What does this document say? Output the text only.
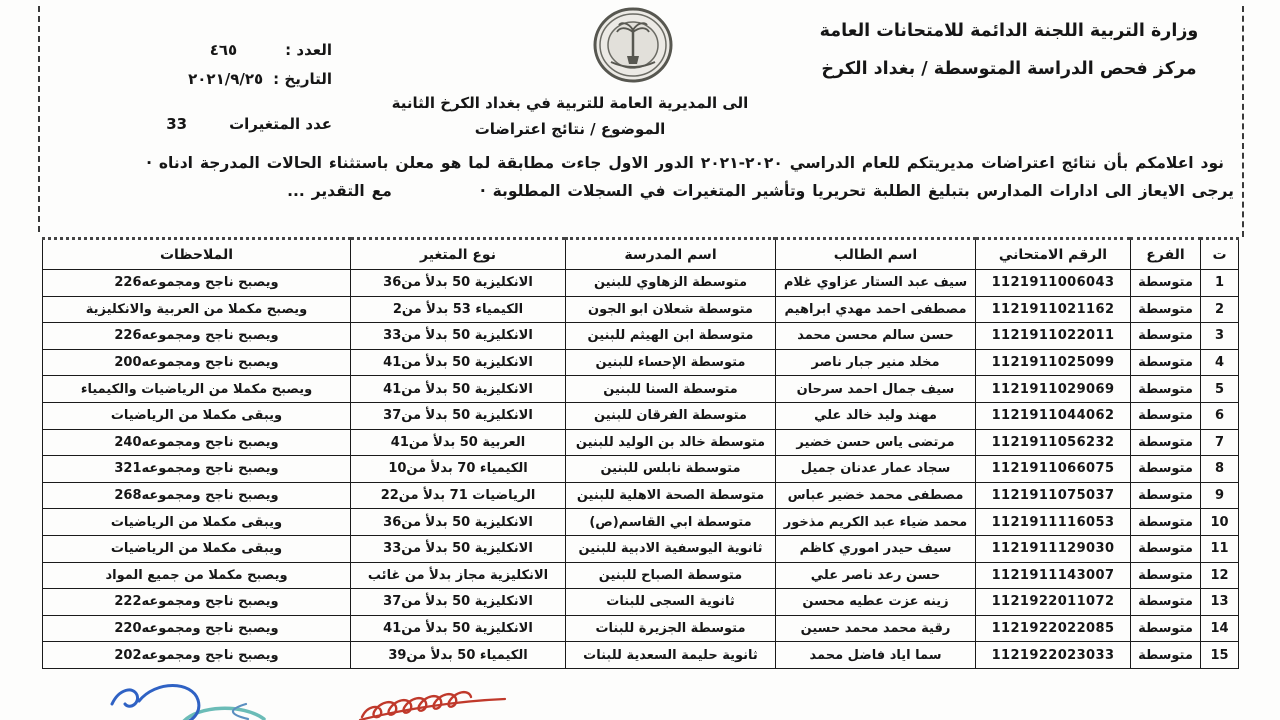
وزارة التربية اللجنة الدائمة للامتحانات العامة
مركز فحص الدراسة المتوسطة / بغداد الكرخ
العدد :
٤٦٥
التاريخ :
٢٠٢١/٩/٢٥
عدد المتغيرات
33
الى المديرية العامة للتربية في بغداد الكرخ الثانية
الموضوع / نتائج اعتراضات
نود اعلامكم بأن نتائج اعتراضات مديريتكم للعام الدراسي ٢٠٢٠-٢٠٢١ الدور الاول جاءت مطابقة لما هو معلن باستثناء الحالات المدرجة ادناه ·
يرجى الايعاز الى ادارات المدارس بتبليغ الطلبة تحريريا وتأشير المتغيرات في السجلات المطلوبة ·مع التقدير ...
ت	الفرع	الرقم الامتحاني	اسم الطالب	اسم المدرسة	نوع المتغير	الملاحظات
1	متوسطة	1121911006043	سيف عبد الستار عزاوي غلام	متوسطة الزهاوي للبنين	الانكليزية 50 بدلأ من36	ويصبح ناجح ومجموعه226
2	متوسطة	1121911021162	مصطفى احمد مهدي ابراهيم	متوسطة شعلان ابو الجون	الكيمياء 53 بدلأ من2	ويصبح مكملا من العربية والانكليزية
3	متوسطة	1121911022011	حسن سالم محسن محمد	متوسطة ابن الهيثم للبنين	الانكليزية 50 بدلأ من33	ويصبح ناجح ومجموعه226
4	متوسطة	1121911025099	مخلد منير جبار ناصر	متوسطة الإحساء للبنين	الانكليزية 50 بدلأ من41	ويصبح ناجح ومجموعه200
5	متوسطة	1121911029069	سيف جمال احمد سرحان	متوسطة السنا للبنين	الانكليزية 50 بدلأ من41	ويصبح مكملا من الرياضيات والكيمياء
6	متوسطة	1121911044062	مهند وليد خالد علي	متوسطة الفرقان للبنين	الانكليزية 50 بدلأ من37	ويبقى مكملا من الرياضيات
7	متوسطة	1121911056232	مرتضى ياس حسن خضير	متوسطة خالد بن الوليد للبنين	العربية 50 بدلأ من41	ويصبح ناجح ومجموعه240
8	متوسطة	1121911066075	سجاد عمار عدنان جميل	متوسطة نابلس للبنين	الكيمياء 70 بدلأ من10	ويصبح ناجح ومجموعه321
9	متوسطة	1121911075037	مصطفى محمد خضير عباس	متوسطة الصحة الاهلية للبنين	الرياضيات 71 بدلأ من22	ويصبح ناجح ومجموعه268
10	متوسطة	1121911116053	محمد ضياء عبد الكريم مذخور	متوسطة ابي القاسم(ص)	الانكليزية 50 بدلأ من36	ويبقى مكملا من الرياضيات
11	متوسطة	1121911129030	سيف حيدر اموري كاظم	ثانوية اليوسفية الادبية للبنين	الانكليزية 50 بدلأ من33	ويبقى مكملا من الرياضيات
12	متوسطة	1121911143007	حسن رعد ناصر علي	متوسطة الصباح للبنين	الانكليزية مجاز بدلأ من غائب	ويصبح مكملا من جميع المواد
13	متوسطة	1121922011072	زينه عزت عطيه محسن	ثانوية السجى للبنات	الانكليزية 50 بدلأ من37	ويصبح ناجح ومجموعه222
14	متوسطة	1121922022085	رقية محمد محمد حسين	متوسطة الجزيرة للبنات	الانكليزية 50 بدلأ من41	ويصبح ناجح ومجموعه220
15	متوسطة	1121922023033	سما اياد فاضل محمد	ثانوية حليمة السعدية للبنات	الكيمياء 50 بدلأ من39	ويصبح ناجح ومجموعه202
